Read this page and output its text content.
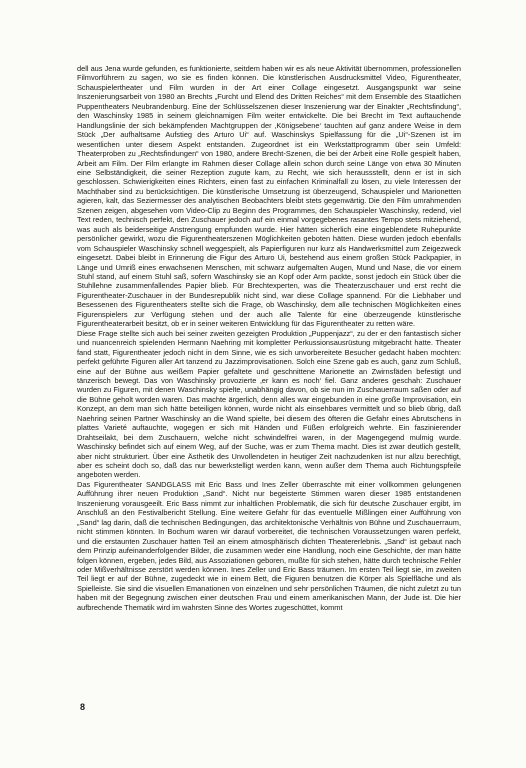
dell aus Jena wurde gefunden, es funktionierte, seitdem haben wir es als neue Aktivität übernommen, professionellen Filmvorführern zu sagen, wo sie es finden können. Die künstlerischen Ausdrucksmittel Video, Figurentheater, Schauspielertheater und Film wurden in der Art einer Collage eingesetzt. Ausgangspunkt war seine Inszenierungsarbeit von 1980 an Brechts „Furcht und Elend des Dritten Reiches“ mit dem Ensemble des Staatlichen Puppentheaters Neubrandenburg. Eine der Schlüsselszenen dieser Inszenierung war der Einakter „Rechtsfindung“, den Waschinsky 1985 in seinem gleichnamigen Film weiter entwickelte. Die bei Brecht im Text auftauchende Handlungslinie der sich bekämpfenden Machtgruppen der ‚Königsebene‘ tauchten auf ganz andere Weise in dem Stück „Der aufhaltsame Aufstieg des Arturo Ui“ auf. Waschinskys Spielfassung für die „Ui“-Szenen ist im wesentlichen unter diesem Aspekt entstanden. Zugeordnet ist ein Werkstattprogramm über sein Umfeld: Theaterproben zu „Rechtsfindungen“ von 1980, andere Brecht-Szenen, die bei der Arbeit eine Rolle gespielt haben, Arbeit am Film. Der Film erlangte im Rahmen dieser Collage allein schon durch seine Länge von etwa 30 Minuten eine Selbständigkeit, die seiner Rezeption zugute kam, zu Recht, wie sich heraussstellt, denn er ist in sich geschlossen. Schwierigkeiten eines Richters, einen fast zu einfachen Kriminalfall zu lösen, zu viele Interessen der Machthaber sind zu berücksichtigen. Die künstlerische Umsetzung ist überzeugend, Schauspieler und Marionetten agieren, kalt, das Seziermesser des analytischen Beobachters bleibt stets gegenwärtig. Die den Film umrahmenden Szenen zeigen, abgesehen vom Video-Clip zu Beginn des Programmes, den Schauspieler Waschinsky, redend, viel Text reden, technisch perfekt, den Zuschauer jedoch auf ein einmal vorgegebenes rasantes Tempo stets mitziehend, was auch als beiderseitige Anstrengung empfunden wurde. Hier hätten sicherlich eine eingeblendete Ruhepunkte persönlicher gewirkt, wozu die Figurentheaterszenen Möglichkeiten geboten hätten. Diese wurden jedoch ebenfalls vom Schauspieler Waschinsky schnell weggespielt, als Papierfiguren nur kurz als Handwerksmittel zum Zeigezweck eingesetzt. Dabei bleibt in Erinnerung die Figur des Arturo Ui, bestehend aus einem großen Stück Packpapier, in Länge und Umriß eines erwachsenen Menschen, mit schwarz aufgemalten Augen, Mund und Nase, die vor einem Stuhl stand, auf einem Stuhl saß, sofern Waschinsky sie an Kopf oder Arm packte, sonst jedoch ein Stück über die Stuhllehne zusammenfallendes Papier blieb. Für Brechtexperten, was die Theaterzuschauer und erst recht die Figurentheater-Zuschauer in der Bundesrepublik nicht sind, war diese Collage spannend. Für die Liebhaber und Besessenen des Figurentheaters stellte sich die Frage, ob Waschinsky, dem alle technischen Möglichkeiten eines Figurenspielers zur Verfügung stehen und der auch alle Talente für eine überzeugende künstlerische Figurentheaterarbeit besitzt, ob er in seiner weiteren Entwicklung für das Figurentheater zu retten wäre.

Diese Frage stellte sich auch bei seiner zweiten gezeigten Produktion „Puppenjazz“, zu der er den fantastisch sicher und nuancenreich spielenden Hermann Naehring mit kompletter Perkussionsausrüstung mitgebracht hatte. Theater fand statt, Figurentheater jedoch nicht in dem Sinne, wie es sich unvorbereitete Besucher gedacht haben mochten: perfekt geführte Figuren aller Art tanzend zu Jazzimprovisationen. Solch eine Szene gab es auch, ganz zum Schluß, eine auf der Bühne aus weißem Papier gefaltete und geschnittene Marionette an Zwirnsfäden befestigt und tänzerisch bewegt. Das von Waschinsky provozierte ‚er kann es noch‘ fiel. Ganz anderes geschah: Zuschauer wurden zu Figuren, mit denen Waschinsky spielte, unabhängig davon, ob sie nun im Zuschauerraum saßen oder auf die Bühne geholt worden waren. Das machte ärgerlich, denn alles war eingebunden in eine große Improvisation, ein Konzept, an dem man sich hätte beteiligen können, wurde nicht als einsehbares vermittelt und so blieb übrig, daß Naehring seinen Partner Waschinsky an die Wand spielte, bei diesem des öfteren die Gefahr eines Abrutschens in plattes Varieté auftauchte, wogegen er sich mit Händen und Füßen erfolgreich wehrte. Ein faszinierender Drahtseilakt, bei dem Zuschauern, welche nicht schwindelfrei waren, in der Magengegend mulmig wurde. Waschinsky befindet sich auf einem Weg, auf der Suche, was er zum Thema macht. Dies ist zwar deutlich gestellt, aber nicht strukturiert. Über eine Ästhetik des Unvollendeten in heutiger Zeit nachzudenken ist nur allzu berechtigt, aber es scheint doch so, daß das nur bewerkstelligt werden kann, wenn außer dem Thema auch Richtungspfeile angeboten werden.

Das Figurentheater SANDGLASS mit Eric Bass und Ines Zeller überraschte mit einer vollkommen gelungenen Aufführung ihrer neuen Produktion „Sand“. Nicht nur begeisterte Stimmen waren dieser 1985 entstandenen Inszenierung vorausgeeilt. Eric Bass nimmt zur inhaltlichen Problematik, die sich für deutsche Zuschauer ergibt, im Anschluß an den Festivalbericht Stellung. Eine weitere Gefahr für das eventuelle Mißlingen einer Aufführung von „Sand“ lag darin, daß die technischen Bedingungen, das architektonische Verhältnis von Bühne und Zuschauerraum, nicht stimmen könnten. In Bochum waren wir darauf vorbereitet, die technischen Voraussetzungen waren perfekt, und die erstaunten Zuschauer hatten Teil an einem atmosphärisch dichten Theatererlebnis. „Sand“ ist gebaut nach dem Prinzip aufeinanderfolgender Bilder, die zusammen weder eine Handlung, noch eine Geschichte, der man hätte folgen können, ergeben, jedes Bild, aus Assoziationen geboren, mußte für sich stehen, hätte durch technische Fehler oder Mißverhältnisse zerstört werden können. Ines Zeller und Eric Bass träumen. Im ersten Teil liegt sie, im zweiten Teil liegt er auf der Bühne, zugedeckt wie in einem Bett, die Figuren benutzen die Körper als Spielfläche und als Spielleiste. Sie sind die visuellen Emanationen von einzelnen und sehr persönlichen Träumen, die nicht zuletzt zu tun haben mit der Begegnung zwischen einer deutschen Frau und einem amerikanischen Mann, der Jude ist. Die hier aufbrechende Thematik wird im wahrsten Sinne des Wortes zugeschüttet, kommt

8
